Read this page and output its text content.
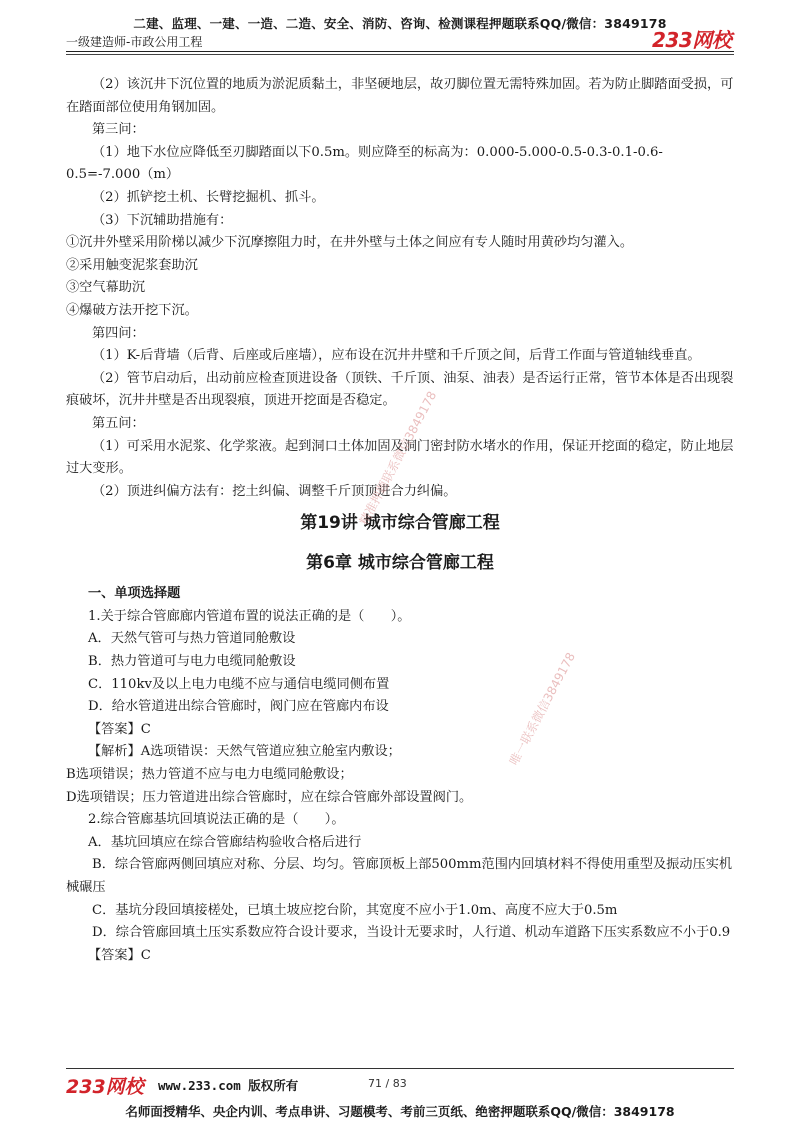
二建、监理、一建、一造、二造、安全、消防、咨询、检测课程押题联系QQ/微信：3849178
一级建造师-市政公用工程	233网校

（2）该沉井下沉位置的地质为淤泥质黏土，非坚硬地层，故刃脚位置无需特殊加固。若为防止脚踏面受损，可在踏面部位使用角钢加固。

第三问：

（1）地下水位应降低至刃脚踏面以下0.5m。则应降至的标高为：0.000-5.000-0.5-0.3-0.1-0.6-0.5=-7.000（m）

（2）抓铲挖土机、长臂挖掘机、抓斗。

（3）下沉辅助措施有：

①沉井外壁采用阶梯以减少下沉摩擦阻力时，在井外壁与土体之间应有专人随时用黄砂均匀灌入。

②采用触变泥浆套助沉

③空气幕助沉

④爆破方法开挖下沉。

第四问：

（1）K-后背墙（后背、后座或后座墙），应布设在沉井井壁和千斤顶之间，后背工作面与管道轴线垂直。

（2）管节启动后，出动前应检查顶进设备（顶铁、千斤顶、油泵、油表）是否运行正常，管节本体是否出现裂痕破坏，沉井井壁是否出现裂痕，顶进开挖面是否稳定。

第五问：

（1）可采用水泥浆、化学浆液。起到洞口土体加固及洞门密封防水堵水的作用，保证开挖面的稳定，防止地层过大变形。

（2）顶进纠偏方法有：挖土纠偏、调整千斤顶顶进合力纠偏。

第19讲 城市综合管廊工程

第6章 城市综合管廊工程

一、单项选择题

1.关于综合管廊廊内管道布置的说法正确的是（　　）。

A．天然气管可与热力管道同舱敷设

B．热力管道可与电力电缆同舱敷设

C．110kv及以上电力电缆不应与通信电缆同侧布置

D．给水管道进出综合管廊时，阀门应在管廊内布设

【答案】C

【解析】A选项错误：天然气管道应独立舱室内敷设；

B选项错误；热力管道不应与电力电缆同舱敷设；

D选项错误；压力管道进出综合管廊时，应在综合管廊外部设置阀门。

2.综合管廊基坑回填说法正确的是（　　）。

A．基坑回填应在综合管廊结构验收合格后进行

B．综合管廊两侧回填应对称、分层、均匀。管廊顶板上部500mm范围内回填材料不得使用重型及振动压实机械碾压

C．基坑分段回填接槎处，已填土坡应挖台阶，其宽度不应小于1.0m、高度不应大于0.5m

D．综合管廊回填土压实系数应符合设计要求，当设计无要求时，人行道、机动车道路下压实系数应不小于0.9

【答案】C

精准押题联系微信3849178
唯一联系微信3849178
233网校 www.233.com 版权所有	71 / 83
名师面授精华、央企内训、考点串讲、习题模考、考前三页纸、绝密押题联系QQ/微信：3849178
